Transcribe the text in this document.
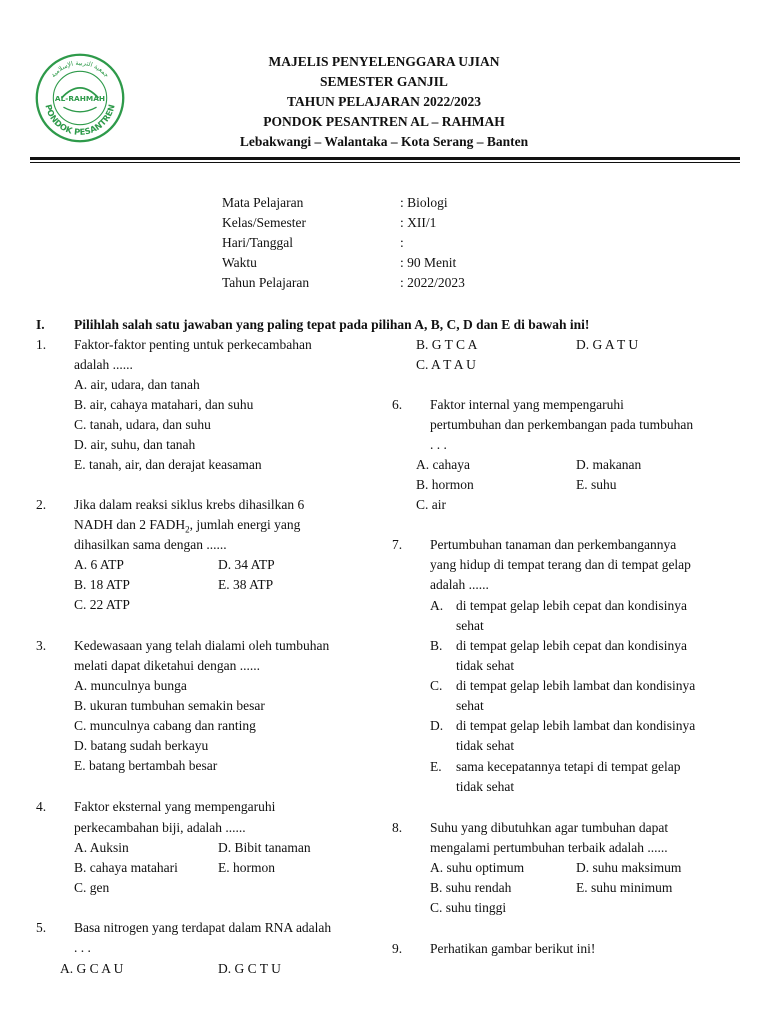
جمعية التربية الإسلامية
PONDOK PESANTREN
AL-RAHMAH
MAJELIS PENYELENGGARA UJIAN
SEMESTER GANJIL
TAHUN PELAJARAN 2022/2023
PONDOK PESANTREN AL – RAHMAH
Lebakwangi – Walantaka – Kota Serang – Banten
Mata Pelajaran	: Biologi
Kelas/Semester	: XII/1
Hari/Tanggal	:
Waktu	: 90 Menit
Tahun Pelajaran	: 2022/2023
I. Pilihlah salah satu jawaban yang paling tepat pada pilihan A, B, C, D dan E di bawah ini!
1. Faktor-faktor penting untuk perkecambahan
adalah ......
A. air, udara, dan tanah
B. air, cahaya matahari, dan suhu
C. tanah, udara, dan suhu
D. air, suhu, dan tanah
E. tanah, air, dan derajat keasaman
2. Jika dalam reaksi siklus krebs dihasilkan 6
NADH dan 2 $FADH_2$, jumlah energi yang
dihasilkan sama dengan ......
A. 6 ATP	D. 34 ATP
B. 18 ATP	E. 38 ATP
C. 22 ATP
3. Kedewasaan yang telah dialami oleh tumbuhan
melati dapat diketahui dengan ......
A. munculnya bunga
B. ukuran tumbuhan semakin besar
C. munculnya cabang dan ranting
D. batang sudah berkayu
E. batang bertambah besar
4. Faktor eksternal yang mempengaruhi
perkecambahan biji, adalah ......
A. Auksin	D. Bibit tanaman
B. cahaya matahari	E. hormon
C. gen
5. Basa nitrogen yang terdapat dalam RNA adalah
. . .
A. G C A U	D. G C T U
B. G T C A	D. G A T U
C. A T A U
6. Faktor internal yang mempengaruhi
pertumbuhan dan perkembangan pada tumbuhan
. . .
A. cahaya	D. makanan
B. hormon	E. suhu
C. air
7. Pertumbuhan tanaman dan perkembangannya
yang hidup di tempat terang dan di tempat gelap
adalah ......
A. di tempat gelap lebih cepat dan kondisinya
sehat
B. di tempat gelap lebih cepat dan kondisinya
tidak sehat
C. di tempat gelap lebih lambat dan kondisinya
sehat
D. di tempat gelap lebih lambat dan kondisinya
tidak sehat
E. sama kecepatannya tetapi di tempat gelap
tidak sehat
8. Suhu yang dibutuhkan agar tumbuhan dapat
mengalami pertumbuhan terbaik adalah ......
A. suhu optimum	D. suhu maksimum
B. suhu rendah	E. suhu minimum
C. suhu tinggi
9. Perhatikan gambar berikut ini!
